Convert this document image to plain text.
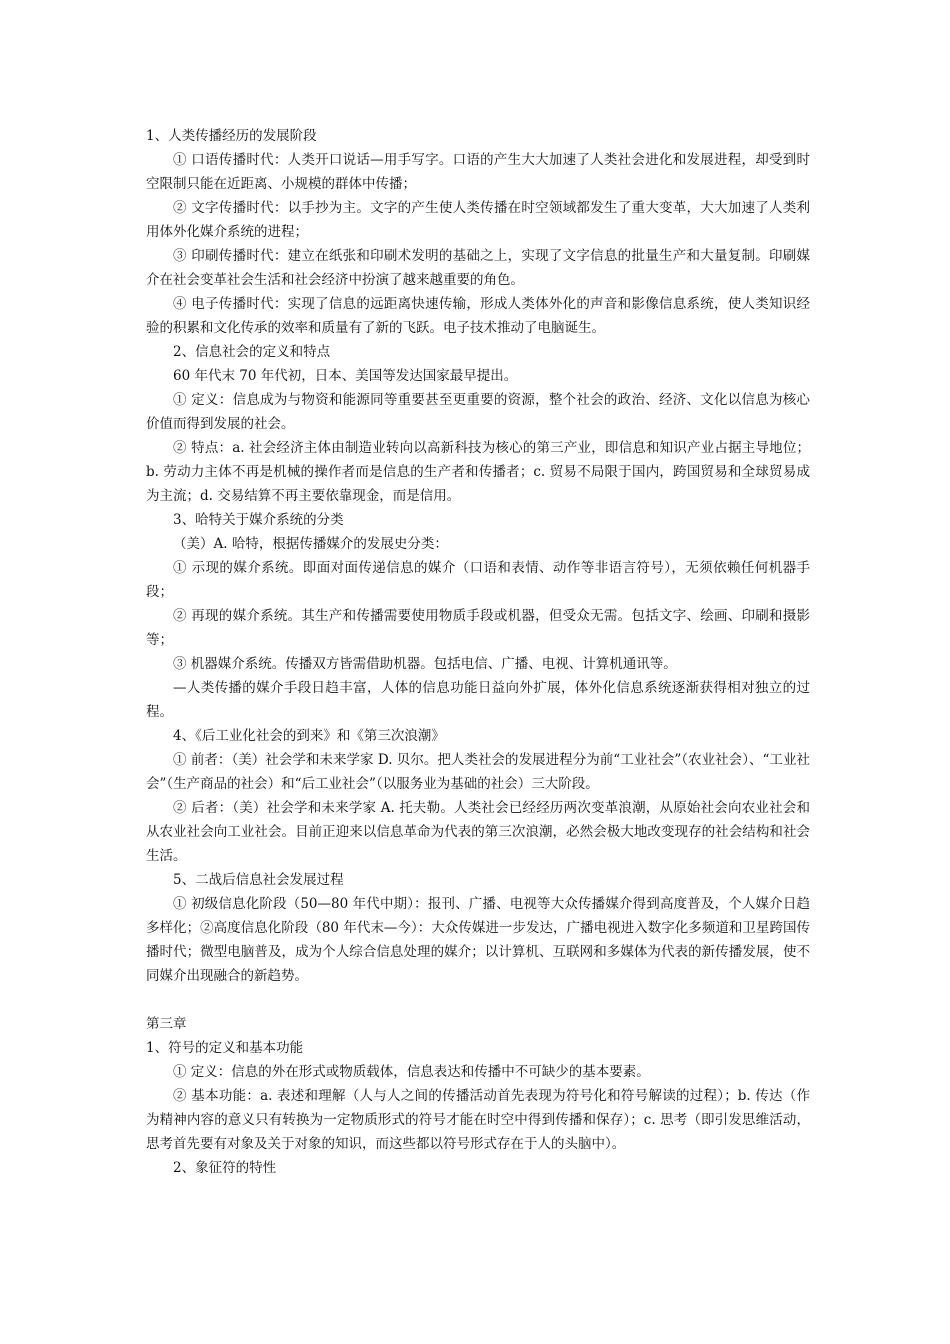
1、人类传播经历的发展阶段

① 口语传播时代：人类开口说话—用手写字。口语的产生大大加速了人类社会进化和发展进程，却受到时空限制只能在近距离、小规模的群体中传播；

② 文字传播时代：以手抄为主。文字的产生使人类传播在时空领域都发生了重大变革，大大加速了人类利用体外化媒介系统的进程；

③ 印刷传播时代：建立在纸张和印刷术发明的基础之上，实现了文字信息的批量生产和大量复制。印刷媒介在社会变革社会生活和社会经济中扮演了越来越重要的角色。

④ 电子传播时代：实现了信息的远距离快速传输，形成人类体外化的声音和影像信息系统，使人类知识经验的积累和文化传承的效率和质量有了新的飞跃。电子技术推动了电脑诞生。

2、信息社会的定义和特点

60 年代末 70 年代初，日本、美国等发达国家最早提出。

① 定义：信息成为与物资和能源同等重要甚至更重要的资源，整个社会的政治、经济、文化以信息为核心价值而得到发展的社会。

② 特点：a. 社会经济主体由制造业转向以高新科技为核心的第三产业，即信息和知识产业占据主导地位；b. 劳动力主体不再是机械的操作者而是信息的生产者和传播者；c. 贸易不局限于国内，跨国贸易和全球贸易成为主流；d. 交易结算不再主要依靠现金，而是信用。

3、哈特关于媒介系统的分类

（美）A. 哈特，根据传播媒介的发展史分类：

① 示现的媒介系统。即面对面传递信息的媒介（口语和表情、动作等非语言符号），无须依赖任何机器手段；

② 再现的媒介系统。其生产和传播需要使用物质手段或机器，但受众无需。包括文字、绘画、印刷和摄影等；

③ 机器媒介系统。传播双方皆需借助机器。包括电信、广播、电视、计算机通讯等。

—人类传播的媒介手段日趋丰富，人体的信息功能日益向外扩展，体外化信息系统逐渐获得相对独立的过程。

4、《后工业化社会的到来》和《第三次浪潮》

① 前者：（美）社会学和未来学家 D. 贝尔。把人类社会的发展进程分为前“工业社会”（农业社会）、“工业社会”（生产商品的社会）和“后工业社会”（以服务业为基础的社会）三大阶段。

② 后者：（美）社会学和未来学家 A. 托夫勒。人类社会已经经历两次变革浪潮，从原始社会向农业社会和从农业社会向工业社会。目前正迎来以信息革命为代表的第三次浪潮，必然会极大地改变现存的社会结构和社会生活。

5、二战后信息社会发展过程

① 初级信息化阶段（50—80 年代中期）：报刊、广播、电视等大众传播媒介得到高度普及，个人媒介日趋多样化；②高度信息化阶段（80 年代末—今）：大众传媒进一步发达，广播电视进入数字化多频道和卫星跨国传播时代；微型电脑普及，成为个人综合信息处理的媒介；以计算机、互联网和多媒体为代表的新传播发展，使不同媒介出现融合的新趋势。

第三章

1、符号的定义和基本功能

① 定义：信息的外在形式或物质载体，信息表达和传播中不可缺少的基本要素。

② 基本功能：a. 表述和理解（人与人之间的传播活动首先表现为符号化和符号解读的过程）；b. 传达（作为精神内容的意义只有转换为一定物质形式的符号才能在时空中得到传播和保存）；c. 思考（即引发思维活动，思考首先要有对象及关于对象的知识，而这些都以符号形式存在于人的头脑中）。

2、象征符的特性
